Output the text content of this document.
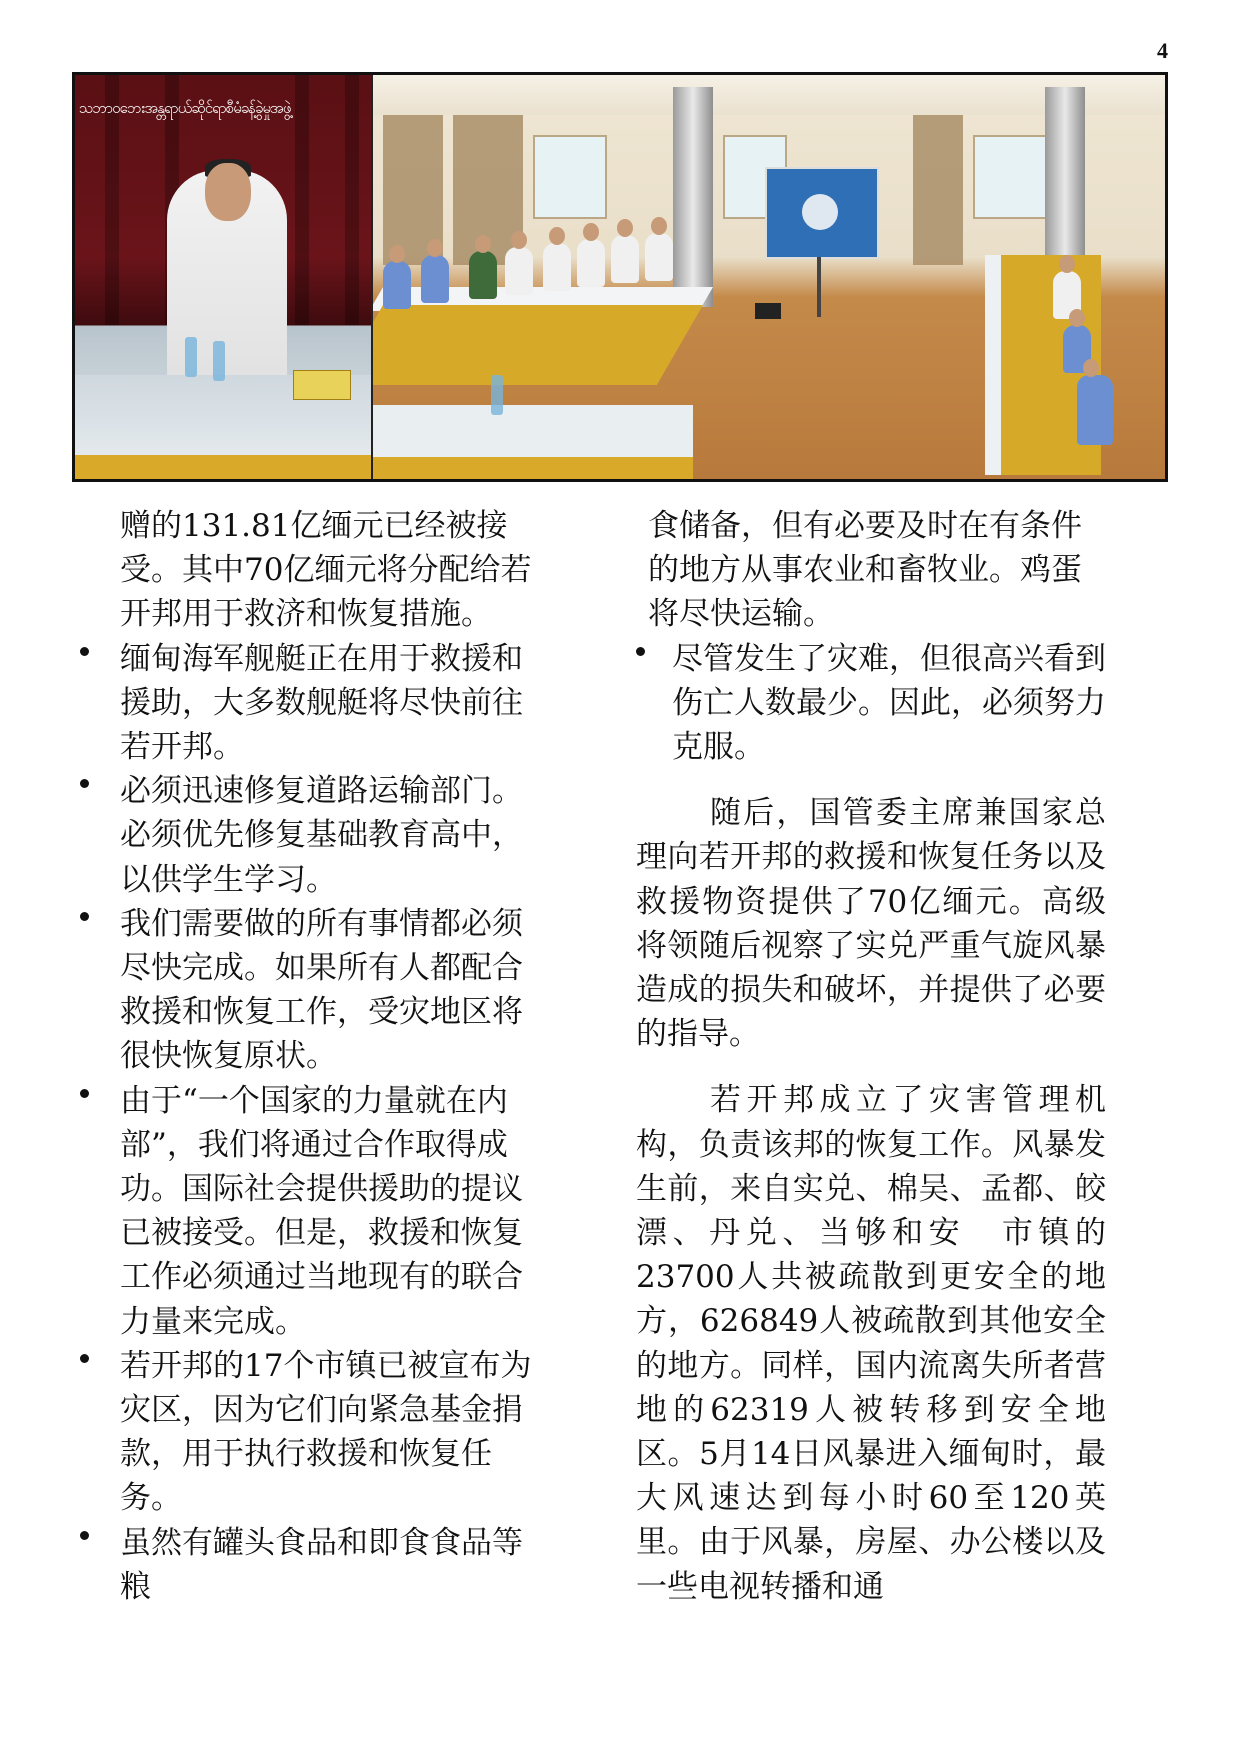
4
သဘာဝဘေးအန္တရာယ်ဆိုင်ရာစီမံခန့်ခွဲမှုအဖွဲ့

赠的131.81亿缅元已经被接受。其中70亿缅元将分配给若开邦用于救济和恢复措施。

缅甸海军舰艇正在用于救援和援助，大多数舰艇将尽快前往若开邦。
必须迅速修复道路运输部门。必须优先修复基础教育高中，以供学生学习。
我们需要做的所有事情都必须尽快完成。如果所有人都配合救援和恢复工作，受灾地区将很快恢复原状。
由于“一个国家的力量就在内部”，我们将通过合作取得成功。国际社会提供援助的提议已被接受。但是，救援和恢复工作必须通过当地现有的联合力量来完成。
若开邦的17个市镇已被宣布为灾区，因为它们向紧急基金捐款，用于执行救援和恢复任务。
虽然有罐头食品和即食食品等粮

食储备，但有必要及时在有条件的地方从事农业和畜牧业。鸡蛋将尽快运输。

尽管发生了灾难，但很高兴看到伤亡人数最少。因此，必须努力克服。

随后，国管委主席兼国家总理向若开邦的救援和恢复任务以及救援物资提供了70亿缅元。高级将领随后视察了实兑严重气旋风暴造成的损失和破坏，并提供了必要的指导。

若开邦成立了灾害管理机构，负责该邦的恢复工作。风暴发生前，来自实兑、棉吴、孟都、皎漂、丹兑、当够和安　市镇的23700人共被疏散到更安全的地方，626849人被疏散到其他安全的地方。同样，国内流离失所者营地的62319人被转移到安全地区。5月14日风暴进入缅甸时，最大风速达到每小时60至120英里。由于风暴，房屋、办公楼以及一些电视转播和通
